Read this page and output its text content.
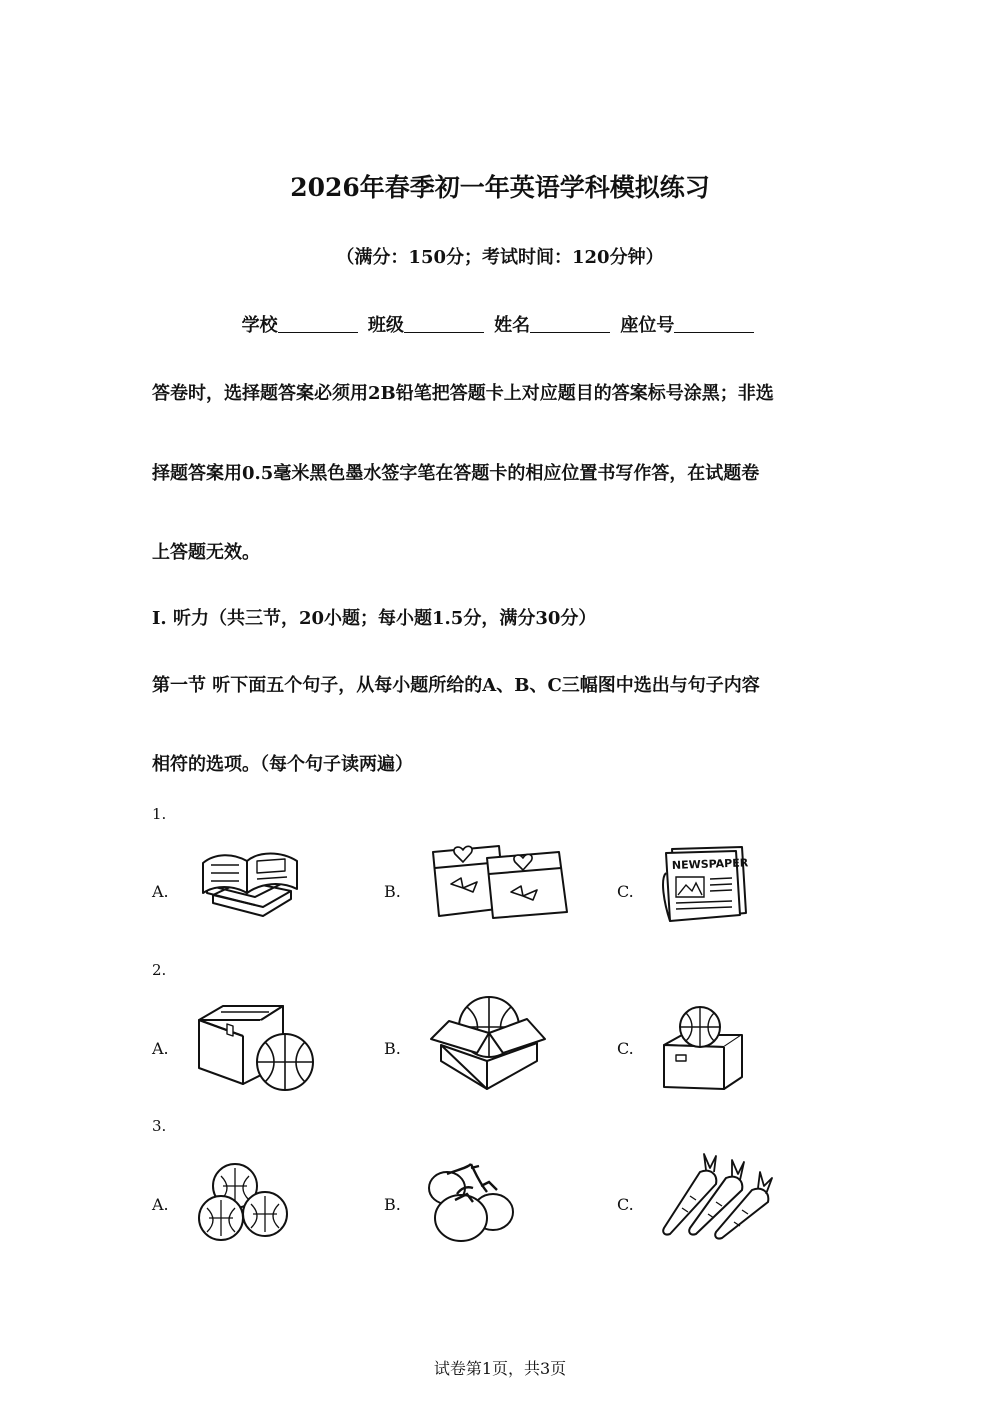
2026年春季初一年英语学科模拟练习
（满分：150分；考试时间：120分钟）
学校	班级	姓名	座位号
答卷时，选择题答案必须用2B铅笔把答题卡上对应题目的答案标号涂黑；非选
择题答案用0.5毫米黑色墨水签字笔在答题卡的相应位置书写作答，在试题卷
上答题无效。
Ⅰ. 听力（共三节，20小题；每小题1.5分，满分30分）
第一节 听下面五个句子，从每小题所给的A、B、C三幅图中选出与句子内容
相符的选项。（每个句子读两遍）
1.
A.	B.	C.
NEWSPAPER
2.
A.	B.	C.
3.
A.	B.	C.
试卷第1页，共3页
